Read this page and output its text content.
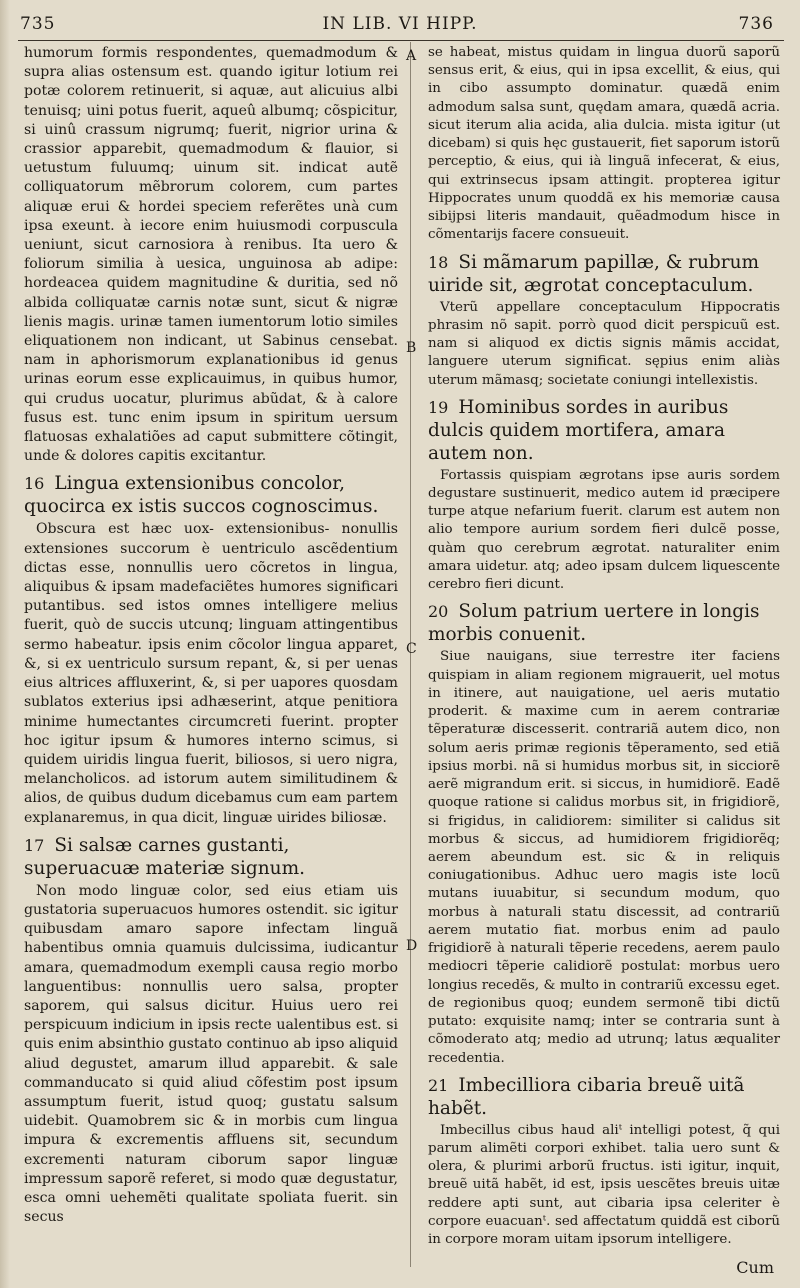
735	IN LIB. VI HIPP.	736
A
B
C
D

humorum formis respondentes, quemadmodum & supra alias ostensum est. quando igitur lotium rei potæ colorem retinuerit, si aquæ, aut alicuius albi tenuisq; uini potus fuerit, aqueû albumq; cõspicitur, si uinû crassum nigrumq; fuerit, nigrior urina & crassior apparebit, quemadmodum & flauior, si uetustum fuluumq; uinum sit. indicat autẽ colliquatorum mẽbrorum colorem, cum partes aliquæ erui & hordei speciem referẽtes unà cum ipsa exeunt. à iecore enim huiusmodi corpuscula ueniunt, sicut carnosiora à renibus. Ita uero & foliorum similia à uesica, unguinosa ab adipe: hordeacea quidem magnitudine & duritia, sed nõ albida colliquatæ carnis notæ sunt, sicut & nigræ lienis magis. urinæ tamen iumentorum lotio similes eliquationem non indicant, ut Sabinus censebat. nam in aphorismorum explanationibus id genus urinas eorum esse explicauimus, in quibus humor, qui crudus uocatur, plurimus abũdat, & à calore fusus est. tunc enim ipsum in spiritum uersum flatuosas exhalatiões ad caput submittere cõtingit, unde & dolores capitis excitantur.

16 Lingua extensionibus concolor, quocirca ex istis succos cognoscimus.

Obscura est hæc uox- extensionibus- nonullis extensiones succorum è uentriculo ascẽdentium dictas esse, nonnullis uero cõcretos in lingua, aliquibus & ipsam madefaciẽtes humores significari putantibus. sed istos omnes intelligere melius fuerit, quò de succis utcunq; linguam attingentibus sermo habeatur. ipsis enim cõcolor lingua apparet, &, si ex uentriculo sursum repant, &, si per uenas eius altrices affluxerint, &, si per uapores quosdam sublatos exterius ipsi adhæserint, atque penitiora minime humectantes circumcreti fuerint. propter hoc igitur ipsum & humores interno scimus, si quidem uiridis lingua fuerit, biliosos, si uero nigra, melancholicos. ad istorum autem similitudinem & alios, de quibus dudum dicebamus cum eam partem explanaremus, in qua dicit, linguæ uirides biliosæ.

17 Si salsæ carnes gustanti, superuacuæ materiæ signum.

Non modo linguæ color, sed eius etiam uis gustatoria superuacuos humores ostendit. sic igitur quibusdam amaro sapore infectam linguã habentibus omnia quamuis dulcissima, iudicantur amara, quemadmodum exempli causa regio morbo languentibus: nonnullis uero salsa, propter saporem, qui salsus dicitur. Huius uero rei perspicuum indicium in ipsis recte ualentibus est. si quis enim absinthio gustato continuo ab ipso aliquid aliud degustet, amarum illud apparebit. & sale commanducato si quid aliud cõfestim post ipsum assumptum fuerit, istud quoq; gustatu salsum uidebit. Quamobrem sic & in morbis cum lingua impura & excrementis affluens sit, secundum excrementi naturam ciborum sapor linguæ impressum saporẽ referet, si modo quæ degustatur, esca omni uehemẽti qualitate spoliata fuerit. sin secus

se habeat, mistus quidam in lingua duorũ saporũ sensus erit, & eius, qui in ipsa excellit, & eius, qui in cibo assumpto dominatur. quædã enim admodum salsa sunt, quędam amara, quædã acria. sicut iterum alia acida, alia dulcia. mista igitur (ut dicebam) si quis hęc gustauerit, fiet saporum istorũ perceptio, & eius, qui ià linguã infecerat, & eius, qui extrinsecus ipsam attingit. propterea igitur Hippocrates unum quoddã ex his memoriæ causa sibijpsi literis mandauit, quẽadmodum hisce in cõmentarijs facere consueuit.

18 Si mãmarum papillæ, & rubrum uiride sit, ægrotat conceptaculum.

Vterũ appellare conceptaculum Hippocratis phrasim nõ sapit. porrò quod dicit perspicuũ est. nam si aliquod ex dictis signis mãmis accidat, languere uterum significat. sępius enim aliàs uterum mãmasq; societate coniungi intellexistis.

19 Hominibus sordes in auribus dulcis quidem mortifera, amara autem non.

Fortassis quispiam ægrotans ipse auris sordem degustare sustinuerit, medico autem id præcipere turpe atque nefarium fuerit. clarum est autem non alio tempore aurium sordem fieri dulcẽ posse, quàm quo cerebrum ægrotat. naturaliter enim amara uidetur. atq; adeo ipsam dulcem liquescente cerebro fieri dicunt.

20 Solum patrium uertere in longis morbis conuenit.

Siue nauigans, siue terrestre iter faciens quispiam in aliam regionem migrauerit, uel motus in itinere, aut nauigatione, uel aeris mutatio proderit. & maxime cum in aerem contrariæ tẽperaturæ discesserit. contrariã autem dico, non solum aeris primæ regionis tẽperamento, sed etiã ipsius morbi. nã si humidus morbus sit, in sicciorẽ aerẽ migrandum erit. si siccus, in humidiorẽ. Eadẽ quoque ratione si calidus morbus sit, in frigidiorẽ, si frigidus, in calidiorem: similiter si calidus sit morbus & siccus, ad humidiorem frigidiorẽq; aerem abeundum est. sic & in reliquis coniugationibus. Adhuc uero magis iste locũ mutans iuuabitur, si secundum modum, quo morbus à naturali statu discessit, ad contrariũ aerem mutatio fiat. morbus enim ad paulo frigidiorẽ à naturali tẽperie recedens, aerem paulo mediocri tẽperie calidiorẽ postulat: morbus uero longius recedẽs, & multo in contrariũ excessu eget. de regionibus quoq; eundem sermonẽ tibi dictũ putato: exquisite namq; inter se contraria sunt à cõmoderato atq; medio ad utrunq; latus æqualiter recedentia.

21 Imbecilliora cibaria breuẽ uitã habẽt.

Imbecillus cibus haud aliᵗ intelligi potest, q̃ qui parum alimẽti corpori exhibet. talia uero sunt & olera, & plurimi arborũ fructus. isti igitur, inquit, breuẽ uitã habẽt, id est, ipsis uescẽtes breuis uitæ reddere apti sunt, aut cibaria ipsa celeriter è corpore euacuanᵗ. sed affectatum quiddã est ciborũ in corpore moram uitam ipsorum intelligere.

Cum
